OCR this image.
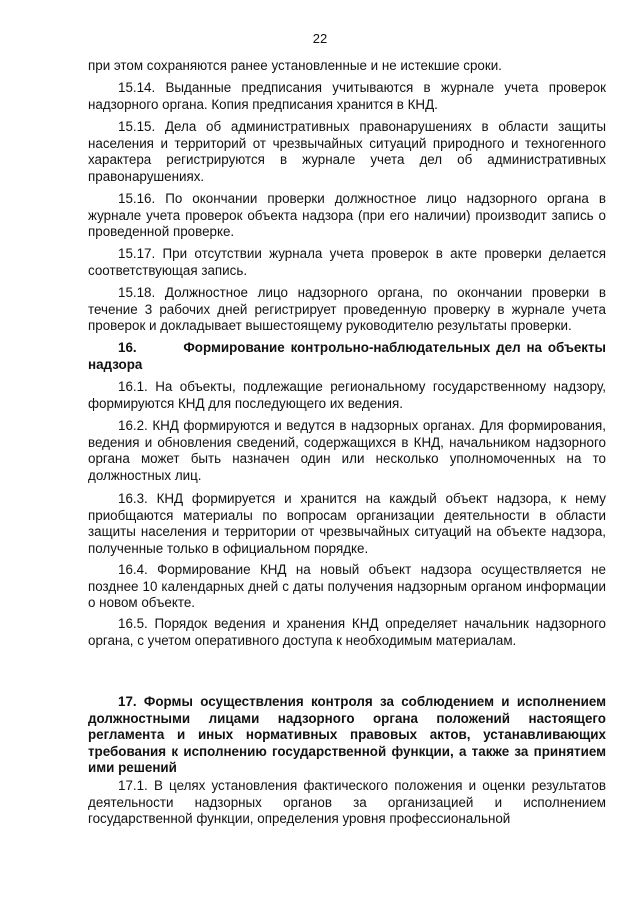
22

при этом сохраняются ранее установленные и не истекшие сроки.

15.14. Выданные предписания учитываются в журнале учета проверок надзорного органа. Копия предписания хранится в КНД.

15.15. Дела об административных правонарушениях в области защиты населения и территорий от чрезвычайных ситуаций природного и техногенного характера регистрируются в журнале учета дел об административных правонарушениях.

15.16. По окончании проверки должностное лицо надзорного органа в журнале учета проверок объекта надзора (при его наличии) производит запись о проведенной проверке.

15.17. При отсутствии журнала учета проверок в акте проверки делается соответствующая запись.

15.18. Должностное лицо надзорного органа, по окончании проверки в течение 3 рабочих дней регистрирует проведенную проверку в журнале учета проверок и докладывает вышестоящему руководителю результаты проверки.

16.        Формирование контрольно-наблюдательных дел на объекты надзора

16.1. На объекты, подлежащие региональному государственному надзору, формируются КНД для последующего их ведения.

16.2. КНД формируются и ведутся в надзорных органах. Для формирования, ведения и обновления сведений, содержащихся в КНД, начальником надзорного органа может быть назначен один или несколько уполномоченных на то должностных лиц.

16.3. КНД формируется и хранится на каждый объект надзора, к нему приобщаются материалы по вопросам организации деятельности в области защиты населения и территории от чрезвычайных ситуаций на объекте надзора, полученные только в официальном порядке.

16.4. Формирование КНД на новый объект надзора осуществляется не позднее 10 календарных дней с даты получения надзорным органом информации о новом объекте.

16.5. Порядок ведения и хранения КНД определяет начальник надзорного органа, с учетом оперативного доступа к необходимым материалам.

17. Формы осуществления контроля за соблюдением и исполнением должностными лицами надзорного органа положений настоящего регламента и иных нормативных правовых актов, устанавливающих требования к исполнению государственной функции, а также за принятием ими решений

17.1. В целях установления фактического положения и оценки результатов деятельности надзорных органов за организацией и исполнением государственной функции, определения уровня профессиональной
